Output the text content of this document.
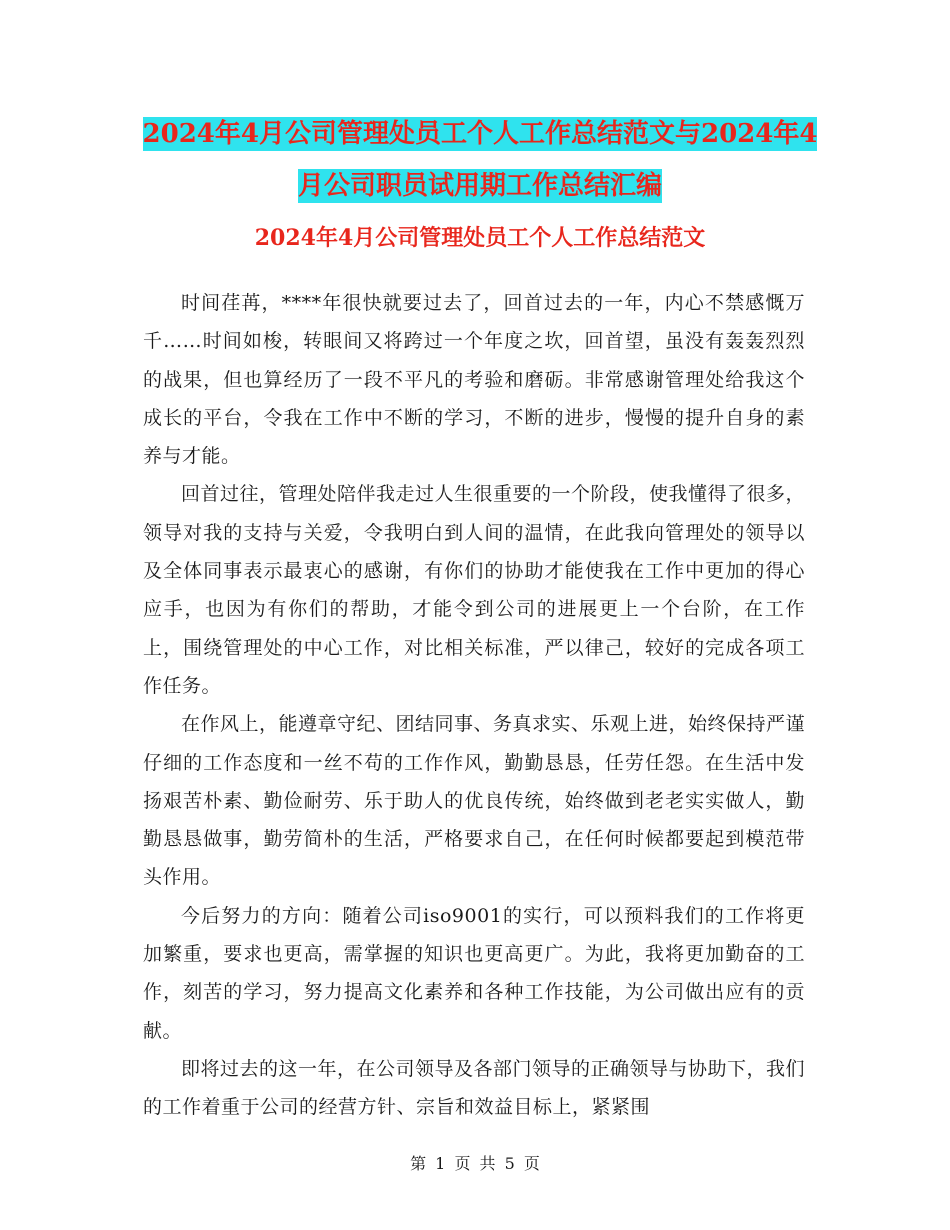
2024年4月公司管理处员工个人工作总结范文与2024年4月公司职员试用期工作总结汇编
2024年4月公司管理处员工个人工作总结范文

时间荏苒，****年很快就要过去了，回首过去的一年，内心不禁感慨万千……时间如梭，转眼间又将跨过一个年度之坎，回首望，虽没有轰轰烈烈的战果，但也算经历了一段不平凡的考验和磨砺。非常感谢管理处给我这个成长的平台，令我在工作中不断的学习，不断的进步，慢慢的提升自身的素养与才能。

回首过往，管理处陪伴我走过人生很重要的一个阶段，使我懂得了很多，领导对我的支持与关爱，令我明白到人间的温情，在此我向管理处的领导以及全体同事表示最衷心的感谢，有你们的协助才能使我在工作中更加的得心应手，也因为有你们的帮助，才能令到公司的进展更上一个台阶，在工作上，围绕管理处的中心工作，对比相关标准，严以律己，较好的完成各项工作任务。

在作风上，能遵章守纪、团结同事、务真求实、乐观上进，始终保持严谨仔细的工作态度和一丝不苟的工作作风，勤勤恳恳，任劳任怨。在生活中发扬艰苦朴素、勤俭耐劳、乐于助人的优良传统，始终做到老老实实做人，勤勤恳恳做事，勤劳简朴的生活，严格要求自己，在任何时候都要起到模范带头作用。

今后努力的方向：随着公司iso9001的实行，可以预料我们的工作将更加繁重，要求也更高，需掌握的知识也更高更广。为此，我将更加勤奋的工作，刻苦的学习，努力提高文化素养和各种工作技能，为公司做出应有的贡献。

即将过去的这一年，在公司领导及各部门领导的正确领导与协助下，我们的工作着重于公司的经营方针、宗旨和效益目标上，紧紧围

第 1 页 共 5 页
